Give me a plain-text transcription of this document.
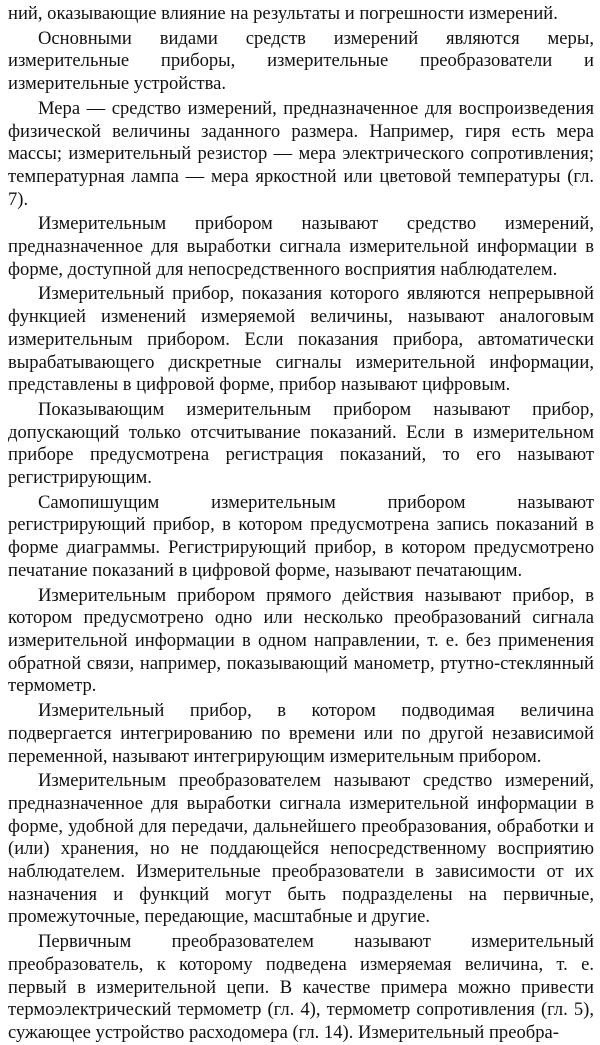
ний, оказывающие влияние на результаты и погрешности измерений.

Основными видами средств измерений являются меры, измерительные приборы, измерительные преобразователи и измерительные устройства.

Мера — средство измерений, предназначенное для воспроизведения физической величины заданного размера. Например, гиря есть мера массы; измерительный резистор — мера электрического сопротивления; температурная лампа — мера яркостной или цветовой температуры (гл. 7).

Измерительным прибором называют средство измерений, предназначенное для выработки сигнала измерительной информации в форме, доступной для непосредственного восприятия наблюдателем.

Измерительный прибор, показания которого являются непрерывной функцией изменений измеряемой величины, называют аналоговым измерительным прибором. Если показания прибора, автоматически вырабатывающего дискретные сигналы измерительной информации, представлены в цифровой форме, прибор называют цифровым.

Показывающим измерительным прибором называют прибор, допускающий только отсчитывание показаний. Если в измерительном приборе предусмотрена регистрация показаний, то его называют регистрирующим.

Самопишущим измерительным прибором называют регистрирующий прибор, в котором предусмотрена запись показаний в форме диаграммы. Регистрирующий прибор, в котором предусмотрено печатание показаний в цифровой форме, называют печатающим.

Измерительным прибором прямого действия называют прибор, в котором предусмотрено одно или несколько преобразований сигнала измерительной информации в одном направлении, т. е. без применения обратной связи, например, показывающий манометр, ртутно-стеклянный термометр.

Измерительный прибор, в котором подводимая величина подвергается интегрированию по времени или по другой независимой переменной, называют интегрирующим измерительным прибором.

Измерительным преобразователем называют средство измерений, предназначенное для выработки сигнала измерительной информации в форме, удобной для передачи, дальнейшего преобразования, обработки и (или) хранения, но не поддающейся непосредственному восприятию наблюдателем. Измерительные преобразователи в зависимости от их назначения и функций могут быть подразделены на первичные, промежуточные, передающие, масштабные и другие.

Первичным преобразователем называют измерительный преобразователь, к которому подведена измеряемая величина, т. е. первый в измерительной цепи. В качестве примера можно привести термоэлектрический термометр (гл. 4), термометр сопротивления (гл. 5), сужающее устройство расходомера (гл. 14). Измерительный преобра-
